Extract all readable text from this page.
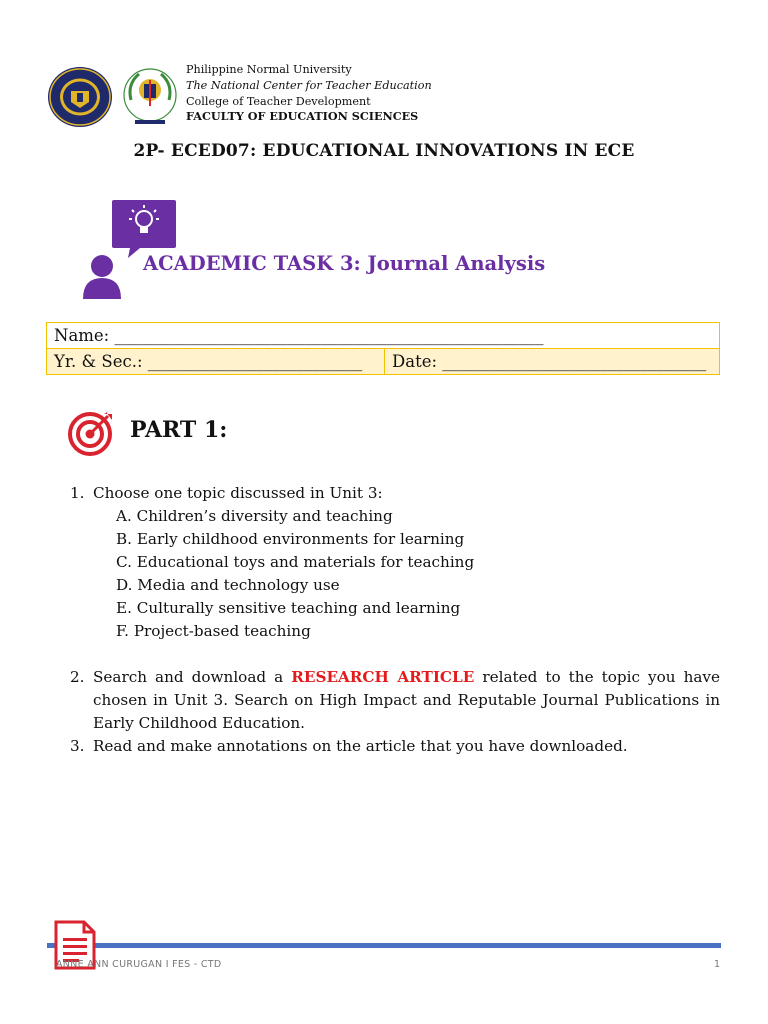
Philippine Normal University
The National Center for Teacher Education
College of Teacher Development
FACULTY OF EDUCATION SCIENCES
2P- ECED07: EDUCATIONAL INNOVATIONS IN ECE
ACADEMIC TASK 3: Journal Analysis
Name: ____________________________________________________
Yr. & Sec.: __________________________	Date: ________________________________
PART 1:
1. Choose one topic discussed in Unit 3:
A. Children’s diversity and teaching
B. Early childhood environments for learning
C. Educational toys and materials for teaching
D. Media and technology use
E. Culturally sensitive teaching and learning
F. Project-based teaching
2. Search and download a RESEARCH ARTICLE related to the topic you have chosen in Unit 3. Search on High Impact and Reputable Journal Publications in Early Childhood Education.
3. Read and make annotations on the article that you have downloaded.
ANNE ANN CURUGAN I FES - CTD	1
